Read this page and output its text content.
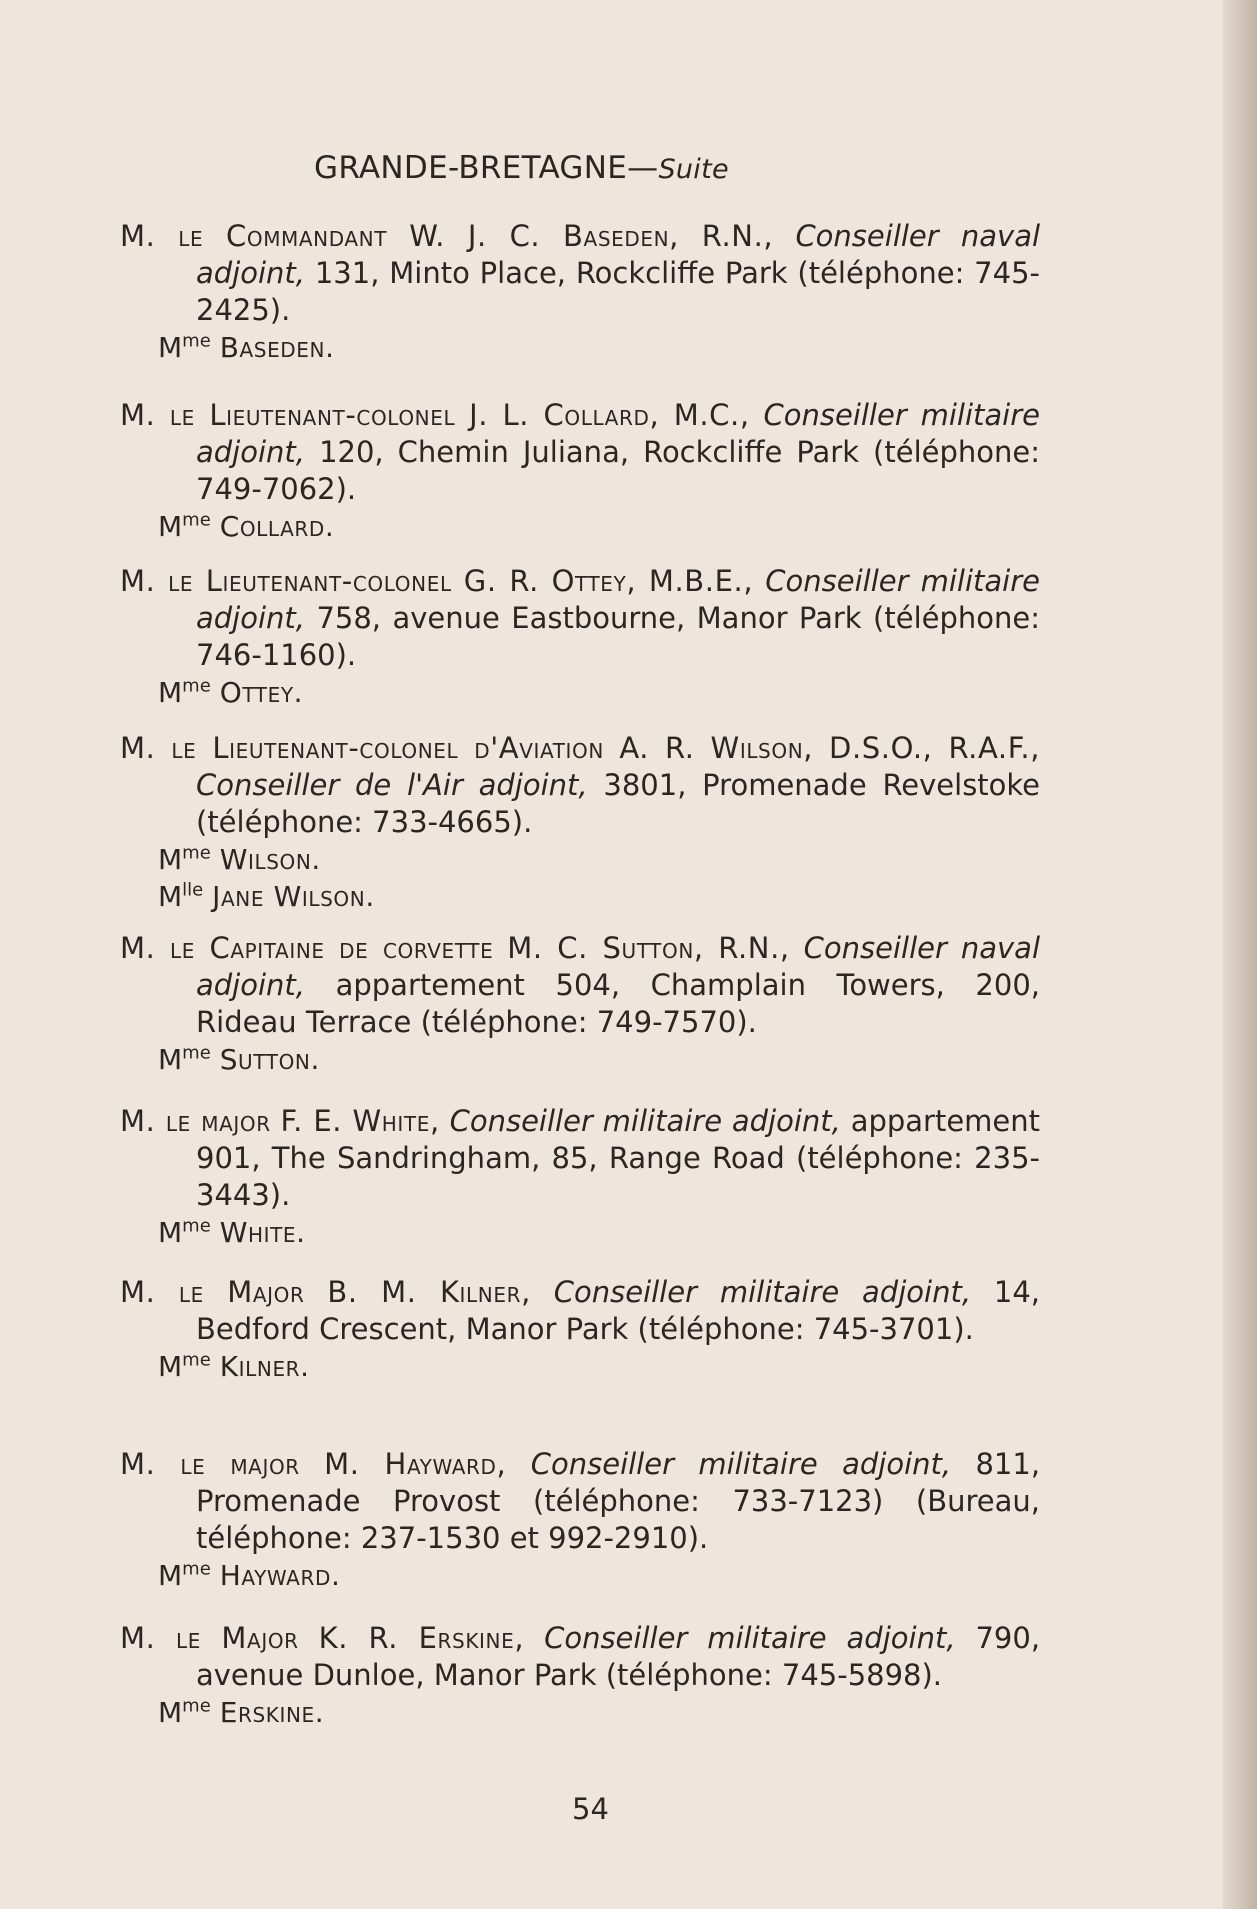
GRANDE-BRETAGNE—Suite
M. le Commandant W. J. C. Baseden, R.N., Conseiller naval adjoint, 131, Minto Place, Rockcliffe Park (téléphone: 745-2425).
$M^{me}$ Baseden.
M. le Lieutenant-colonel J. L. Collard, M.C., Conseiller militaire adjoint, 120, Chemin Juliana, Rockcliffe Park (téléphone: 749-7062).
$M^{me}$ Collard.
M. le Lieutenant-colonel G. R. Ottey, M.B.E., Conseiller militaire adjoint, 758, avenue Eastbourne, Manor Park (téléphone: 746-1160).
$M^{me}$ Ottey.
M. le Lieutenant-colonel d'Aviation A. R. Wilson, D.S.O., R.A.F., Conseiller de l'Air adjoint, 3801, Promenade Revelstoke (téléphone: 733-4665).
$M^{me}$ Wilson.
$M^{lle}$ Jane Wilson.
M. le Capitaine de corvette M. C. Sutton, R.N., Conseiller naval adjoint, appartement 504, Champlain Towers, 200, Rideau Terrace (téléphone: 749-7570).
$M^{me}$ Sutton.
M. le major F. E. White, Conseiller militaire adjoint, appartement 901, The Sandringham, 85, Range Road (téléphone: 235-3443).
$M^{me}$ White.
M. le Major B. M. Kilner, Conseiller militaire adjoint, 14, Bedford Crescent, Manor Park (téléphone: 745-3701).
$M^{me}$ Kilner.
M. le major M. Hayward, Conseiller militaire adjoint, 811, Promenade Provost (téléphone: 733-7123) (Bureau, téléphone: 237-1530 et 992-2910).
$M^{me}$ Hayward.
M. le Major K. R. Erskine, Conseiller militaire adjoint, 790, avenue Dunloe, Manor Park (téléphone: 745-5898).
$M^{me}$ Erskine.
54
